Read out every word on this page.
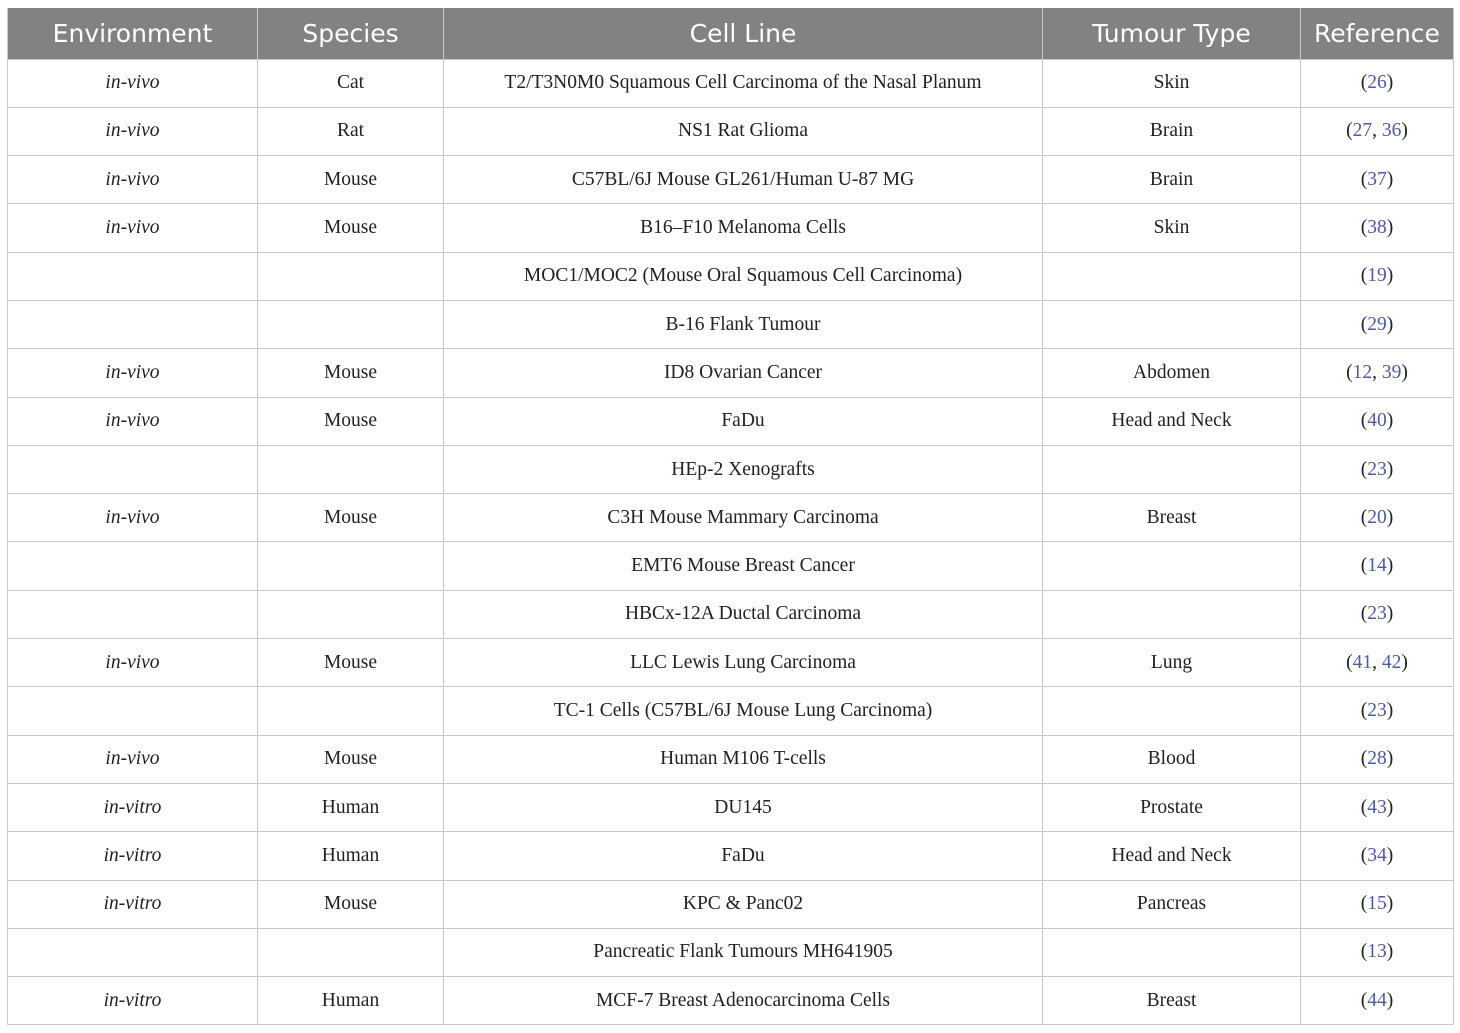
Environment	Species	Cell Line	Tumour Type	Reference
in-vivo	Cat	T2/T3N0M0 Squamous Cell Carcinoma of the Nasal Planum	Skin	(26)
in-vivo	Rat	NS1 Rat Glioma	Brain	(27, 36)
in-vivo	Mouse	C57BL/6J Mouse GL261/Human U-87 MG	Brain	(37)
in-vivo	Mouse	B16–F10 Melanoma Cells	Skin	(38)
		MOC1/MOC2 (Mouse Oral Squamous Cell Carcinoma)		(19)
		B-16 Flank Tumour		(29)
in-vivo	Mouse	ID8 Ovarian Cancer	Abdomen	(12, 39)
in-vivo	Mouse	FaDu	Head and Neck	(40)
		HEp-2 Xenografts		(23)
in-vivo	Mouse	C3H Mouse Mammary Carcinoma	Breast	(20)
		EMT6 Mouse Breast Cancer		(14)
		HBCx-12A Ductal Carcinoma		(23)
in-vivo	Mouse	LLC Lewis Lung Carcinoma	Lung	(41, 42)
		TC-1 Cells (C57BL/6J Mouse Lung Carcinoma)		(23)
in-vivo	Mouse	Human M106 T-cells	Blood	(28)
in-vitro	Human	DU145	Prostate	(43)
in-vitro	Human	FaDu	Head and Neck	(34)
in-vitro	Mouse	KPC & Panc02	Pancreas	(15)
		Pancreatic Flank Tumours MH641905		(13)
in-vitro	Human	MCF-7 Breast Adenocarcinoma Cells	Breast	(44)
